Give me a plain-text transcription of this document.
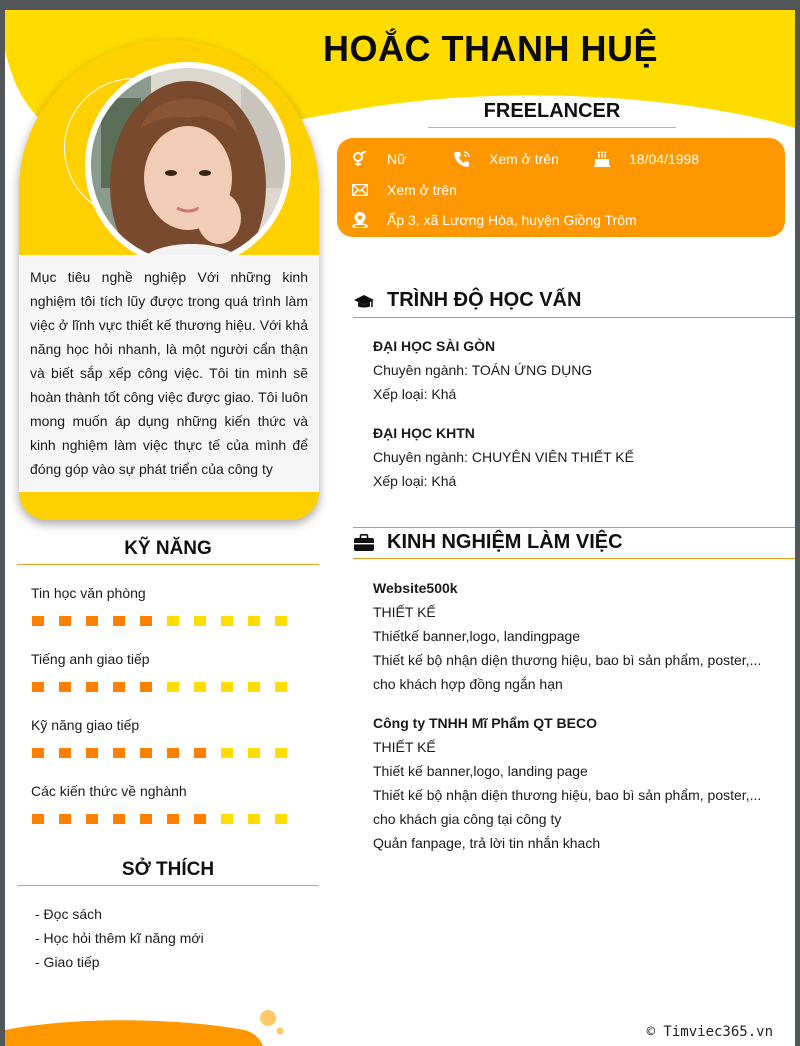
Mục tiêu nghề nghiệp Với những kinh nghiệm tôi tích lũy được trong quá trình làm việc ở lĩnh vực thiết kế thương hiệu. Với khả năng học hỏi nhanh, là một người cẩn thận và biết sắp xếp công việc. Tôi tin mình sẽ hoàn thành tốt công việc được giao. Tôi luôn mong muốn áp dụng những kiến thức và kinh nghiệm làm việc thực tế của mình để đóng góp vào sự phát triển của công ty
HOẮC THANH HUỆ
FREELANCER
Nữ	Xem ở trên	18/04/1998
Xem ở trên
Ấp 3, xã Lương Hòa, huyện Giồng Trôm
KỸ NĂNG
Tin học văn phòng
Tiếng anh giao tiếp
Kỹ năng giao tiếp
Các kiến thức về nghành
SỞ THÍCH
- Đọc sách
- Học hỏi thêm kĩ năng mới
- Giao tiếp
TRÌNH ĐỘ HỌC VẤN
ĐẠI HỌC SÀI GÒN
Chuyên ngành: TOÁN ỨNG DỤNG
Xếp loại: Khá
ĐẠI HỌC KHTN
Chuyên ngành: CHUYÊN VIÊN THIẾT KẾ
Xếp loại: Khá
KINH NGHIỆM LÀM VIỆC
Website500k
THIẾT KẾ
Thiếtkế banner,logo, landingpage
Thiết kế bộ nhận diện thương hiệu, bao bì sản phẩm, poster,...
cho khách hợp đồng ngắn hạn
Công ty TNHH Mĩ Phẩm QT BECO
THIẾT KẾ
Thiết kế banner,logo, landing page
Thiết kế bộ nhận diện thương hiệu, bao bì sản phẩm, poster,...
cho khách gia công tại công ty
Quản fanpage, trả lời tin nhắn khach
© Timviec365.vn
